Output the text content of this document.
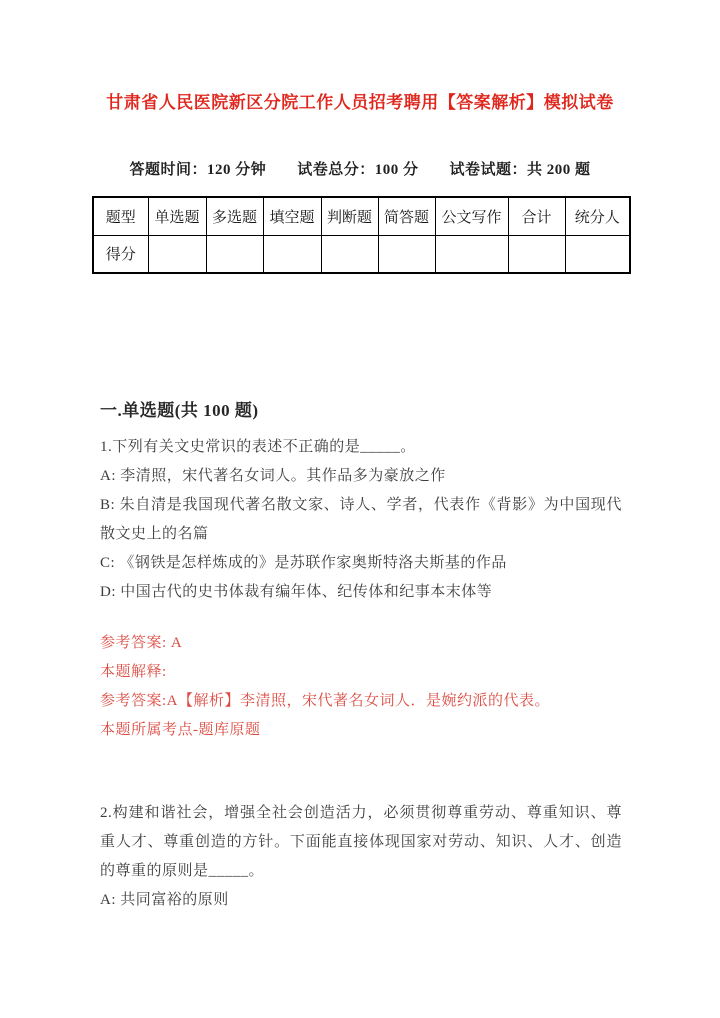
甘肃省人民医院新区分院工作人员招考聘用【答案解析】模拟试卷

答题时间：120 分钟　　试卷总分：100 分　　试卷试题：共 200 题

题型	单选题	多选题	填空题	判断题	简答题	公文写作	合计	统分人
得分								
一.单选题(共 100 题)

1.下列有关文史常识的表述不正确的是_____。

A: 李清照，宋代著名女词人。其作品多为豪放之作

B: 朱自清是我国现代著名散文家、诗人、学者，代表作《背影》为中国现代散文史上的名篇

C: 《钢铁是怎样炼成的》是苏联作家奥斯特洛夫斯基的作品

D: 中国古代的史书体裁有编年体、纪传体和纪事本末体等

参考答案: A

本题解释:

参考答案:A【解析】李清照，宋代著名女词人．是婉约派的代表。

本题所属考点-题库原题

2.构建和谐社会，增强全社会创造活力，必须贯彻尊重劳动、尊重知识、尊重人才、尊重创造的方针。下面能直接体现国家对劳动、知识、人才、创造的尊重的原则是_____。

A: 共同富裕的原则
